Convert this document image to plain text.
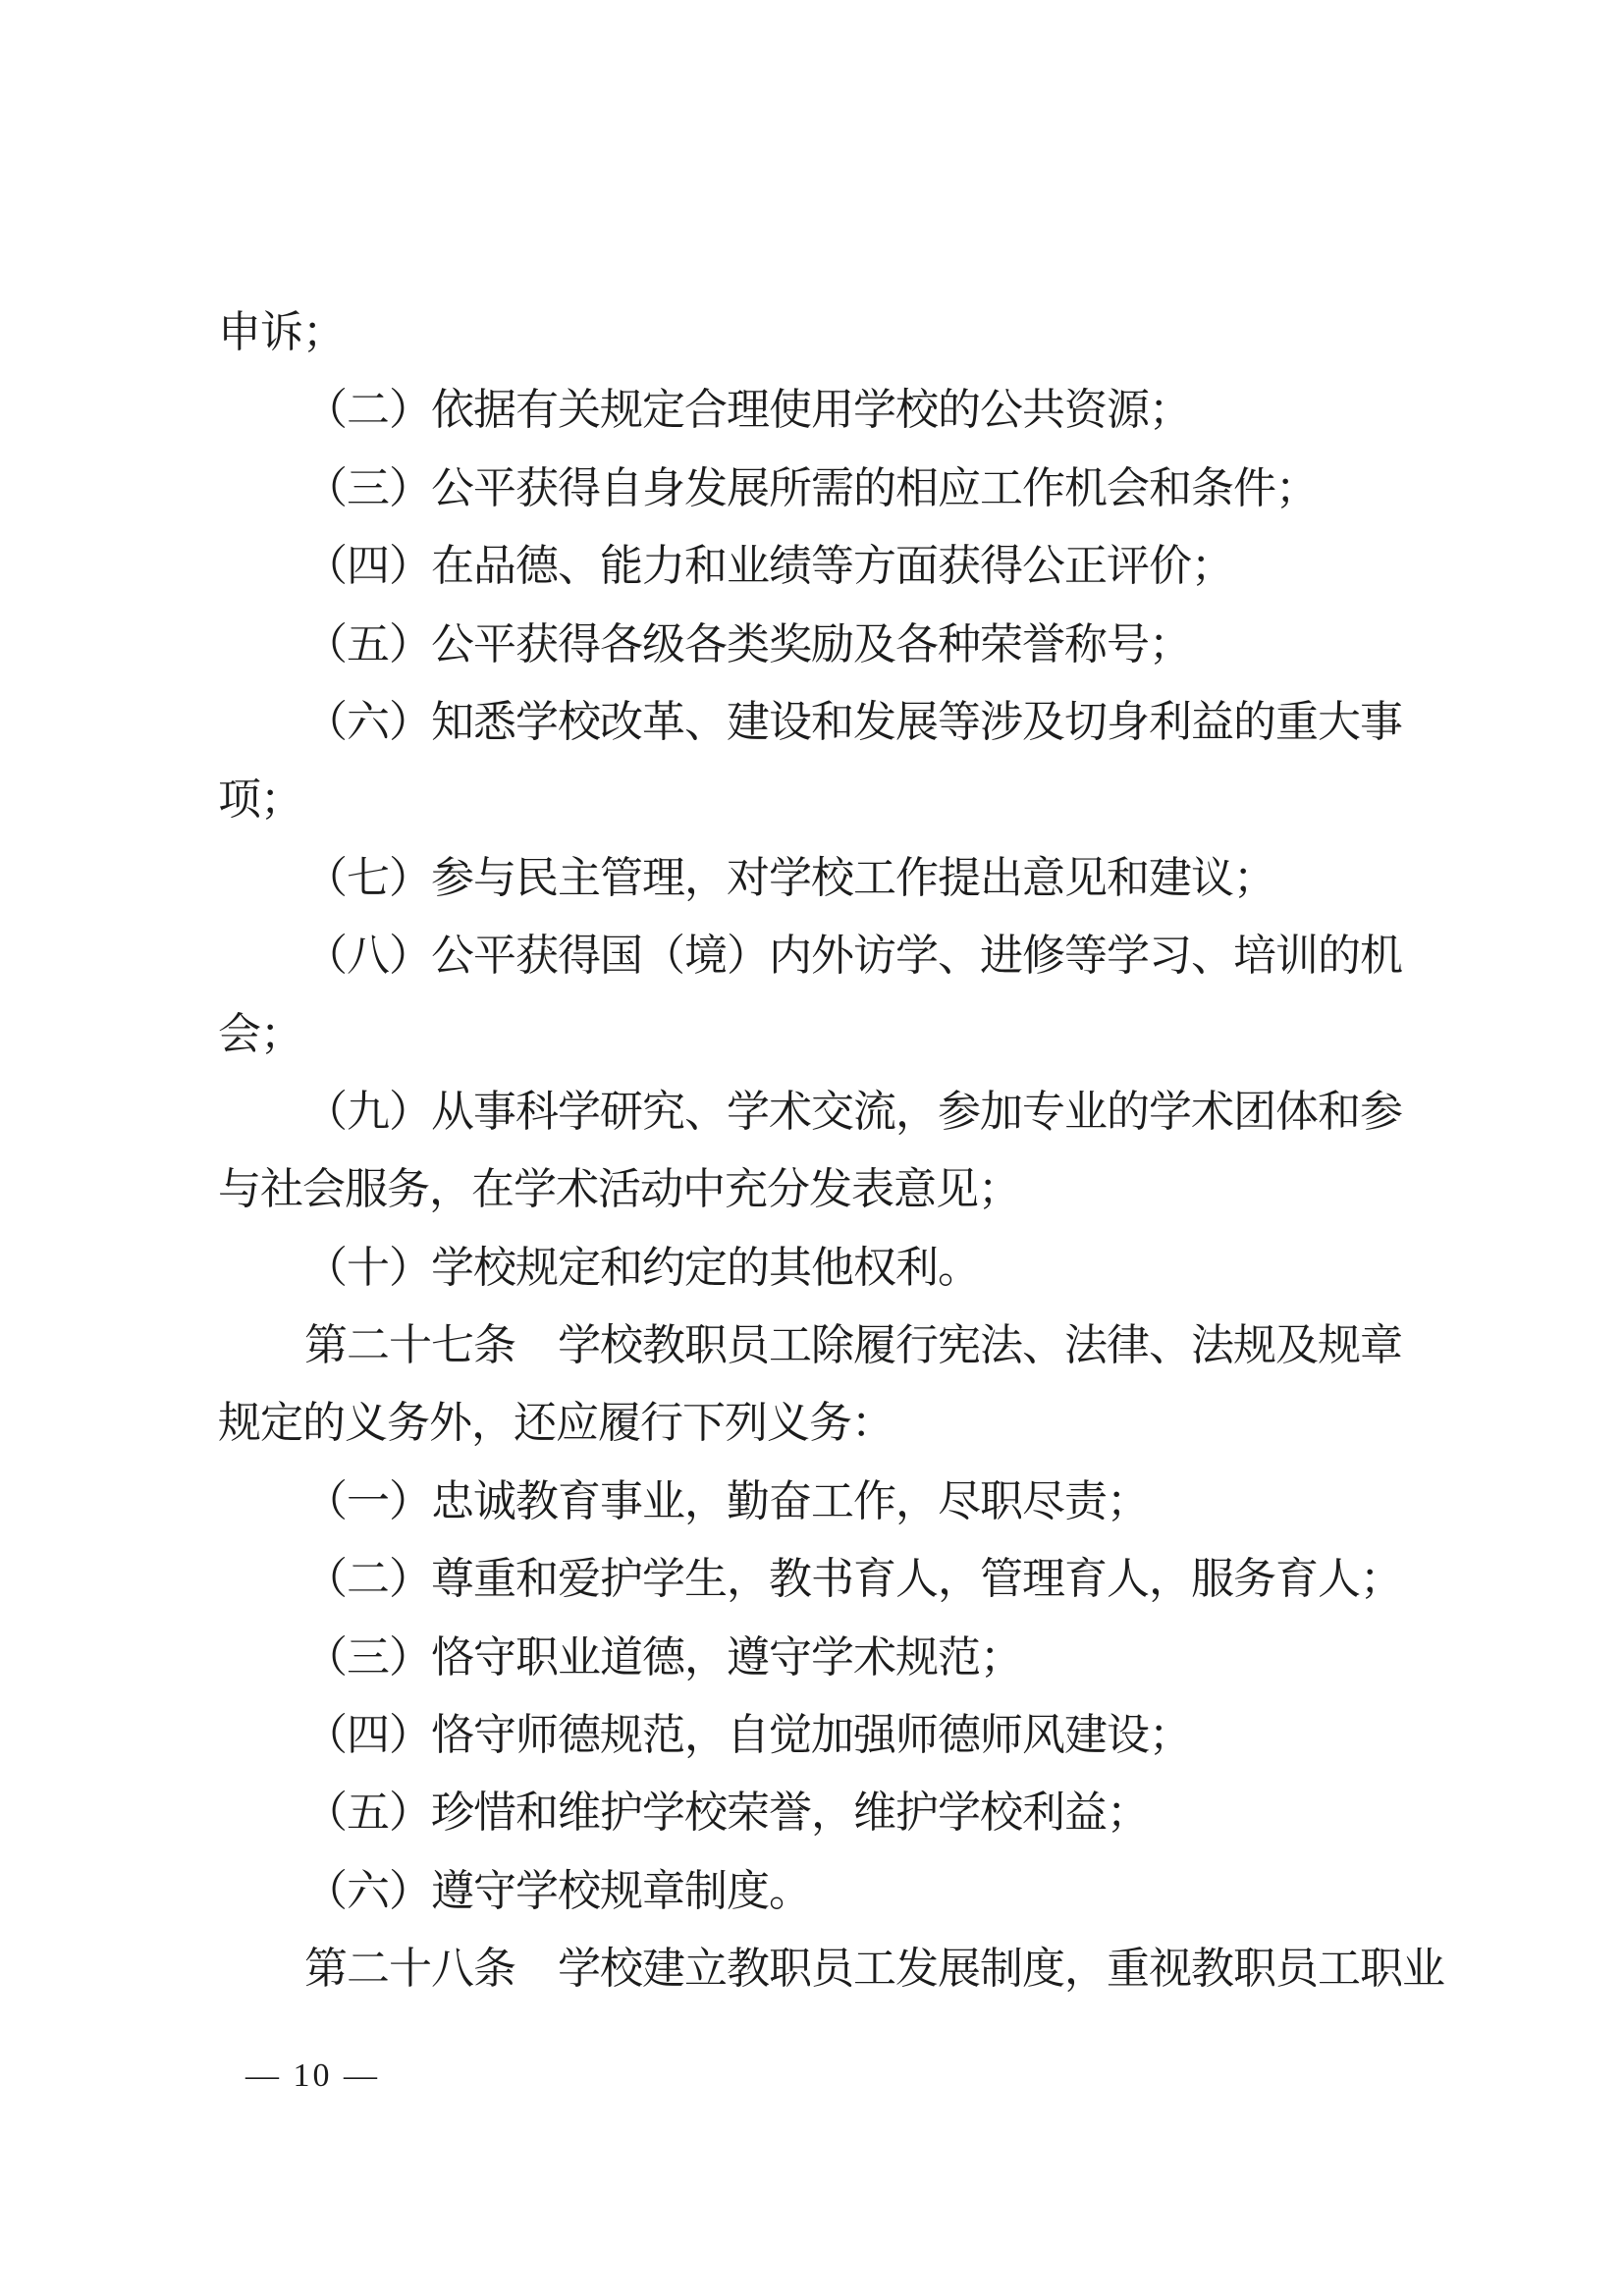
申诉；
（二）依据有关规定合理使用学校的公共资源；
（三）公平获得自身发展所需的相应工作机会和条件；
（四）在品德、能力和业绩等方面获得公正评价；
（五）公平获得各级各类奖励及各种荣誉称号；
（六）知悉学校改革、建设和发展等涉及切身利益的重大事
项；
（七）参与民主管理，对学校工作提出意见和建议；
（八）公平获得国（境）内外访学、进修等学习、培训的机
会；
（九）从事科学研究、学术交流，参加专业的学术团体和参
与社会服务，在学术活动中充分发表意见；
（十）学校规定和约定的其他权利。
第二十七条　学校教职员工除履行宪法、法律、法规及规章
规定的义务外，还应履行下列义务：
（一）忠诚教育事业，勤奋工作，尽职尽责；
（二）尊重和爱护学生，教书育人，管理育人，服务育人；
（三）恪守职业道德，遵守学术规范；
（四）恪守师德规范，自觉加强师德师风建设；
（五）珍惜和维护学校荣誉，维护学校利益；
（六）遵守学校规章制度。
第二十八条　学校建立教职员工发展制度，重视教职员工职业
— 10 —
